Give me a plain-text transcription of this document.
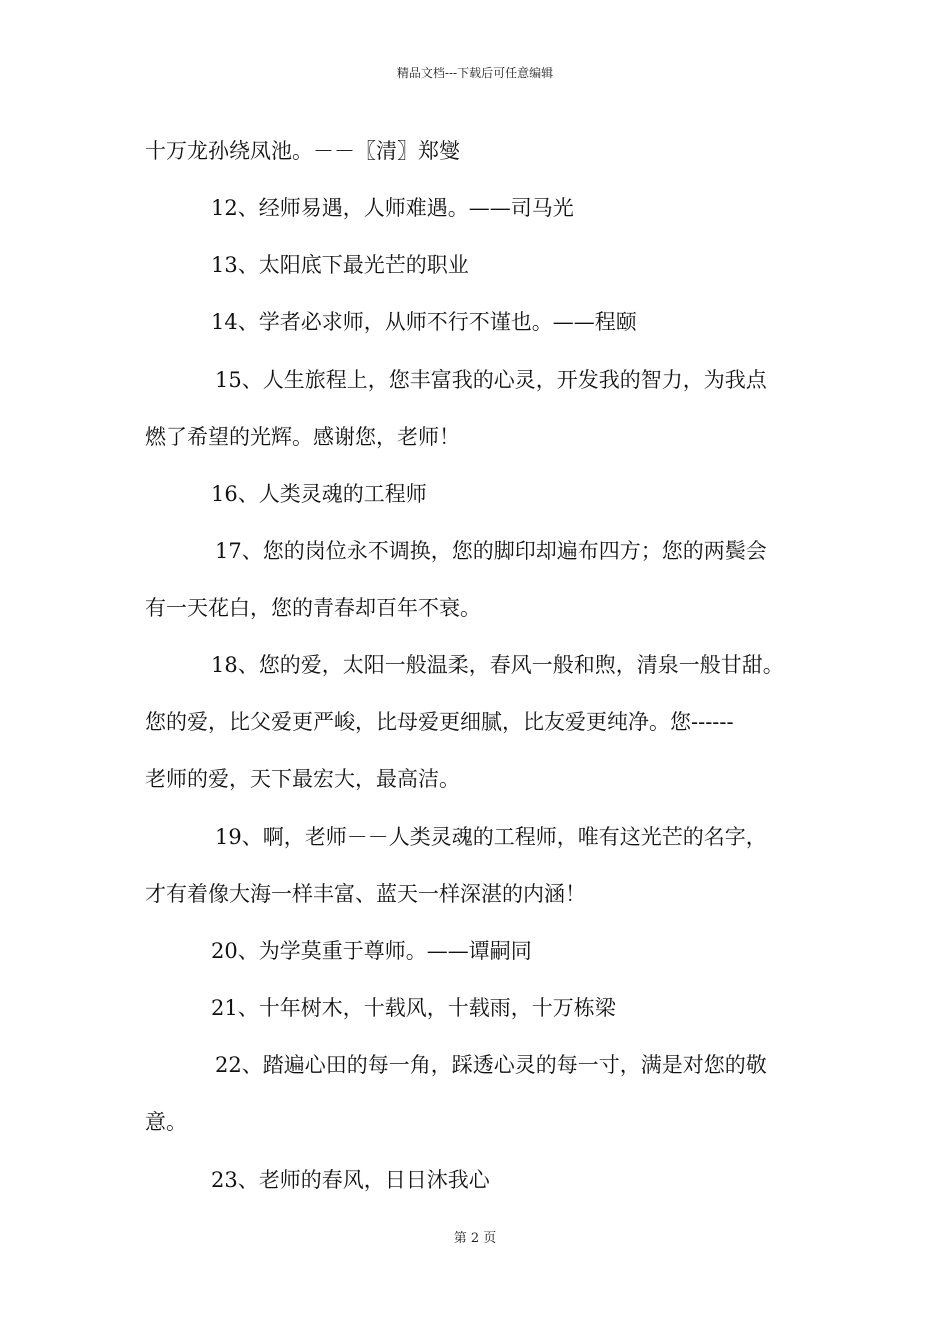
精品文档---下载后可任意编辑
十万龙孙绕凤池。－－〖清〗郑燮
12、经师易遇，人师难遇。——司马光
13、太阳底下最光芒的职业
14、学者必求师，从师不行不谨也。——程颐
15、人生旅程上，您丰富我的心灵，开发我的智力，为我点
燃了希望的光辉。感谢您，老师！
16、人类灵魂的工程师
17、您的岗位永不调换，您的脚印却遍布四方；您的两鬓会
有一天花白，您的青春却百年不衰。
18、您的爱，太阳一般温柔，春风一般和煦，清泉一般甘甜。
您的爱，比父爱更严峻，比母爱更细腻，比友爱更纯净。您------
老师的爱，天下最宏大，最高洁。
19、啊，老师－－人类灵魂的工程师，唯有这光芒的名字，
才有着像大海一样丰富、蓝天一样深湛的内涵！
20、为学莫重于尊师。——谭嗣同
21、十年树木，十载风，十载雨，十万栋梁
22、踏遍心田的每一角，踩透心灵的每一寸，满是对您的敬
意。
23、老师的春风，日日沐我心
第 2 页
